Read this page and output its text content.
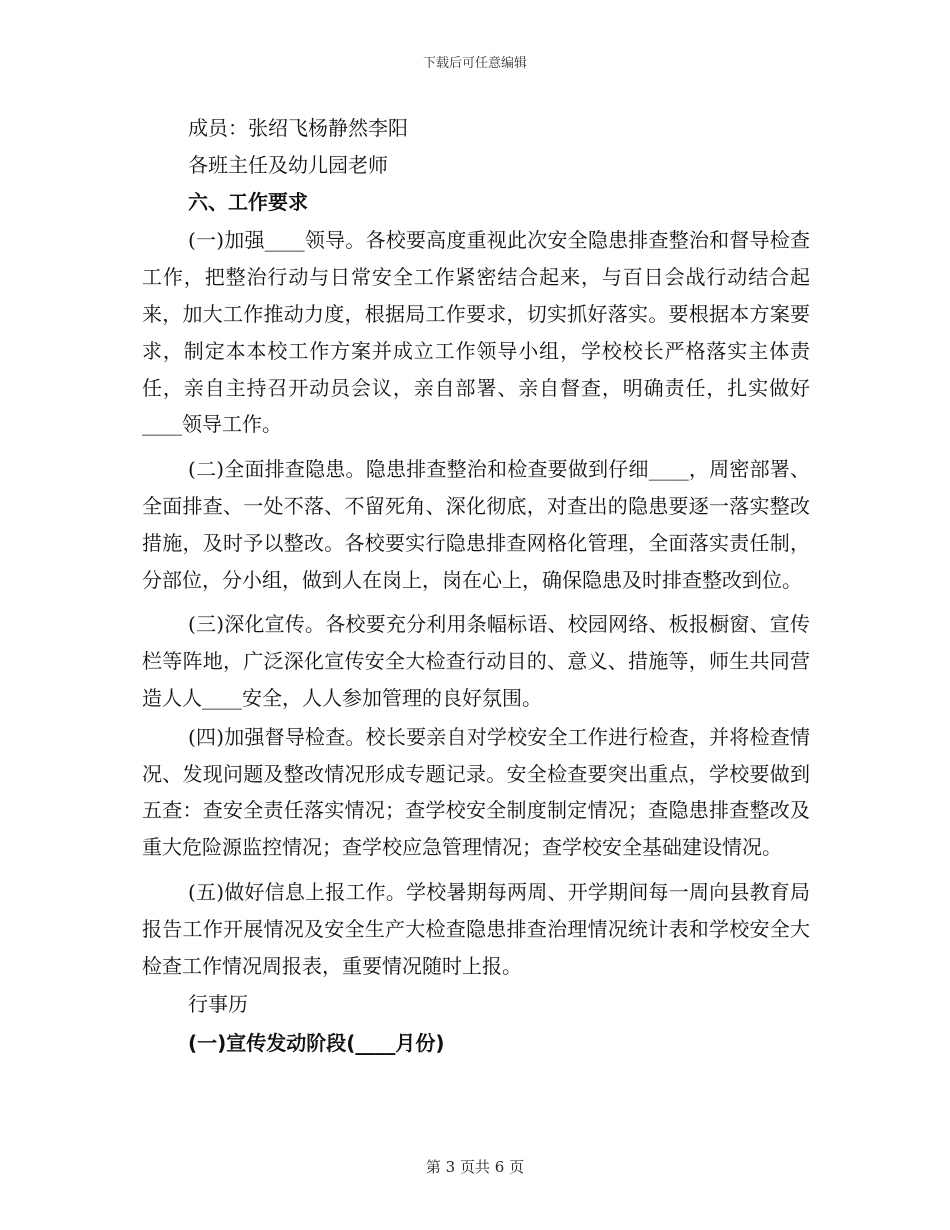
下载后可任意编辑

成员：张绍飞杨静然李阳

各班主任及幼儿园老师

六、工作要求

(一)加强____领导。各校要高度重视此次安全隐患排查整治和督导检查工作，把整治行动与日常安全工作紧密结合起来，与百日会战行动结合起来，加大工作推动力度，根据局工作要求，切实抓好落实。要根据本方案要求，制定本本校工作方案并成立工作领导小组，学校校长严格落实主体责任，亲自主持召开动员会议，亲自部署、亲自督查，明确责任，扎实做好____领导工作。

(二)全面排查隐患。隐患排查整治和检查要做到仔细____，周密部署、全面排查、一处不落、不留死角、深化彻底，对查出的隐患要逐一落实整改措施，及时予以整改。各校要实行隐患排查网格化管理，全面落实责任制，分部位，分小组，做到人在岗上，岗在心上，确保隐患及时排查整改到位。

(三)深化宣传。各校要充分利用条幅标语、校园网络、板报橱窗、宣传栏等阵地，广泛深化宣传安全大检查行动目的、意义、措施等，师生共同营造人人____安全，人人参加管理的良好氛围。

(四)加强督导检查。校长要亲自对学校安全工作进行检查，并将检查情况、发现问题及整改情况形成专题记录。安全检查要突出重点，学校要做到五查：查安全责任落实情况；查学校安全制度制定情况；查隐患排查整改及重大危险源监控情况；查学校应急管理情况；查学校安全基础建设情况。

(五)做好信息上报工作。学校暑期每两周、开学期间每一周向县教育局报告工作开展情况及安全生产大检查隐患排查治理情况统计表和学校安全大检查工作情况周报表，重要情况随时上报。

行事历

(一)宣传发动阶段(____月份)

第 3 页共 6 页
